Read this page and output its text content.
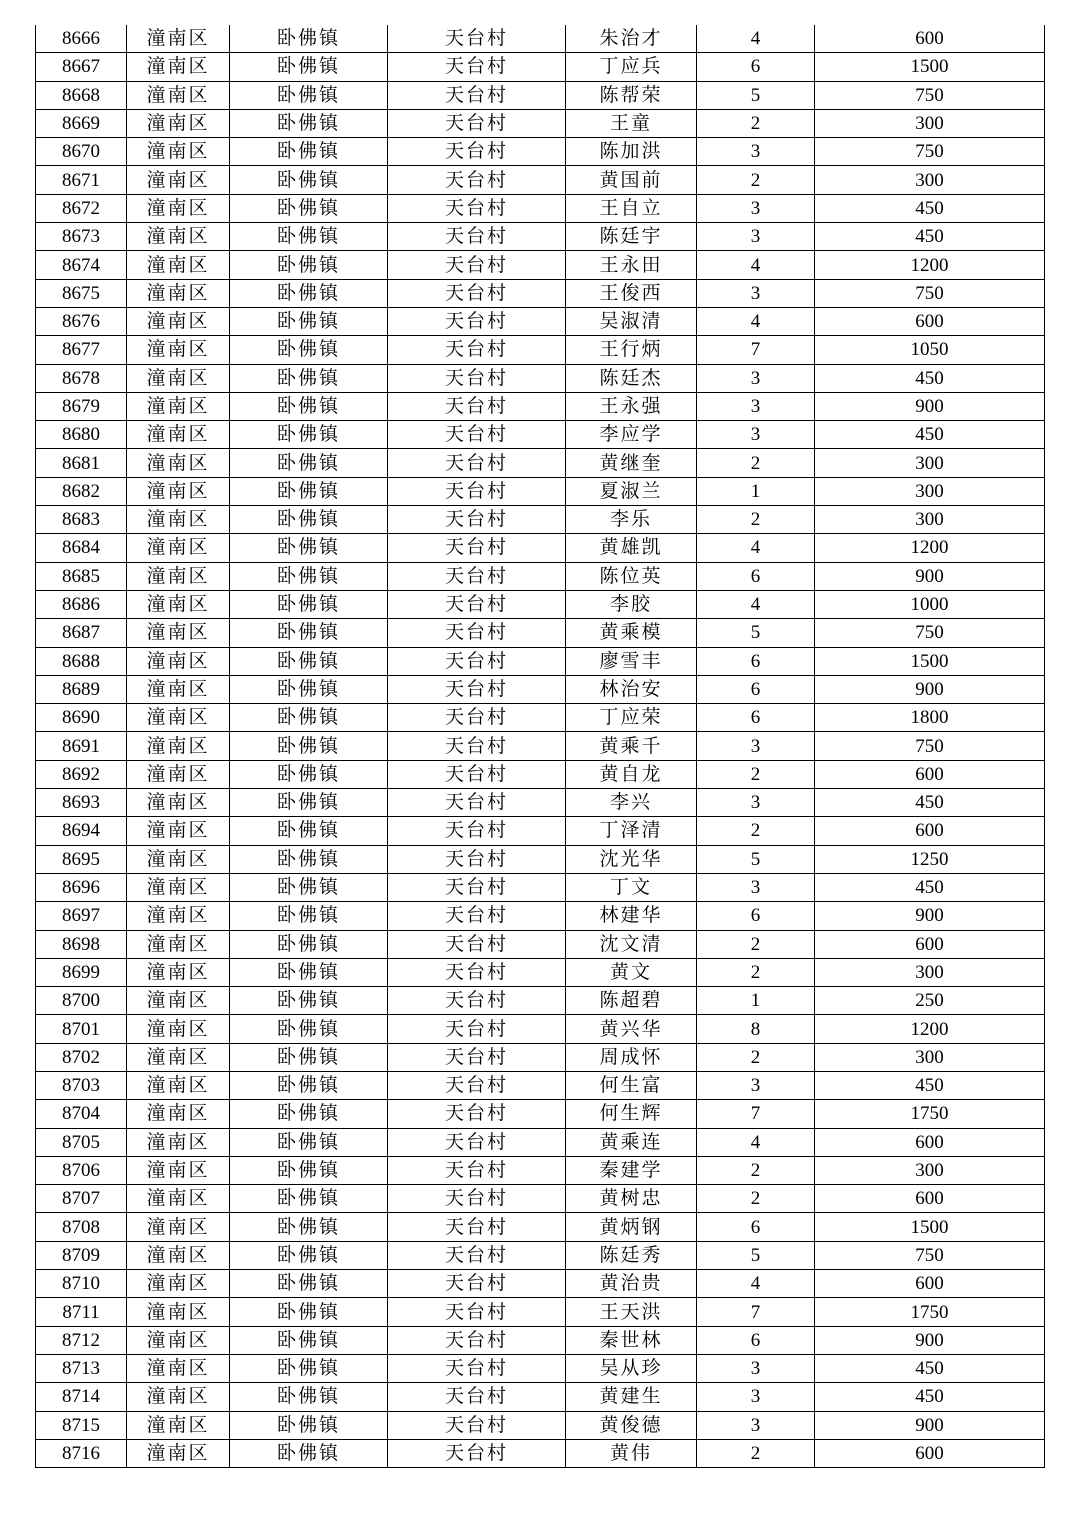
8666	潼南区	卧佛镇	天台村	朱治才	4	600
8667	潼南区	卧佛镇	天台村	丁应兵	6	1500
8668	潼南区	卧佛镇	天台村	陈帮荣	5	750
8669	潼南区	卧佛镇	天台村	王童	2	300
8670	潼南区	卧佛镇	天台村	陈加洪	3	750
8671	潼南区	卧佛镇	天台村	黄国前	2	300
8672	潼南区	卧佛镇	天台村	王自立	3	450
8673	潼南区	卧佛镇	天台村	陈廷宇	3	450
8674	潼南区	卧佛镇	天台村	王永田	4	1200
8675	潼南区	卧佛镇	天台村	王俊西	3	750
8676	潼南区	卧佛镇	天台村	吴淑清	4	600
8677	潼南区	卧佛镇	天台村	王行炳	7	1050
8678	潼南区	卧佛镇	天台村	陈廷杰	3	450
8679	潼南区	卧佛镇	天台村	王永强	3	900
8680	潼南区	卧佛镇	天台村	李应学	3	450
8681	潼南区	卧佛镇	天台村	黄继奎	2	300
8682	潼南区	卧佛镇	天台村	夏淑兰	1	300
8683	潼南区	卧佛镇	天台村	李乐	2	300
8684	潼南区	卧佛镇	天台村	黄雄凯	4	1200
8685	潼南区	卧佛镇	天台村	陈位英	6	900
8686	潼南区	卧佛镇	天台村	李胶	4	1000
8687	潼南区	卧佛镇	天台村	黄乘模	5	750
8688	潼南区	卧佛镇	天台村	廖雪丰	6	1500
8689	潼南区	卧佛镇	天台村	林治安	6	900
8690	潼南区	卧佛镇	天台村	丁应荣	6	1800
8691	潼南区	卧佛镇	天台村	黄乘千	3	750
8692	潼南区	卧佛镇	天台村	黄自龙	2	600
8693	潼南区	卧佛镇	天台村	李兴	3	450
8694	潼南区	卧佛镇	天台村	丁泽清	2	600
8695	潼南区	卧佛镇	天台村	沈光华	5	1250
8696	潼南区	卧佛镇	天台村	丁文	3	450
8697	潼南区	卧佛镇	天台村	林建华	6	900
8698	潼南区	卧佛镇	天台村	沈文清	2	600
8699	潼南区	卧佛镇	天台村	黄文	2	300
8700	潼南区	卧佛镇	天台村	陈超碧	1	250
8701	潼南区	卧佛镇	天台村	黄兴华	8	1200
8702	潼南区	卧佛镇	天台村	周成怀	2	300
8703	潼南区	卧佛镇	天台村	何生富	3	450
8704	潼南区	卧佛镇	天台村	何生辉	7	1750
8705	潼南区	卧佛镇	天台村	黄乘连	4	600
8706	潼南区	卧佛镇	天台村	秦建学	2	300
8707	潼南区	卧佛镇	天台村	黄树忠	2	600
8708	潼南区	卧佛镇	天台村	黄炳钢	6	1500
8709	潼南区	卧佛镇	天台村	陈廷秀	5	750
8710	潼南区	卧佛镇	天台村	黄治贵	4	600
8711	潼南区	卧佛镇	天台村	王天洪	7	1750
8712	潼南区	卧佛镇	天台村	秦世林	6	900
8713	潼南区	卧佛镇	天台村	吴从珍	3	450
8714	潼南区	卧佛镇	天台村	黄建生	3	450
8715	潼南区	卧佛镇	天台村	黄俊德	3	900
8716	潼南区	卧佛镇	天台村	黄伟	2	600
